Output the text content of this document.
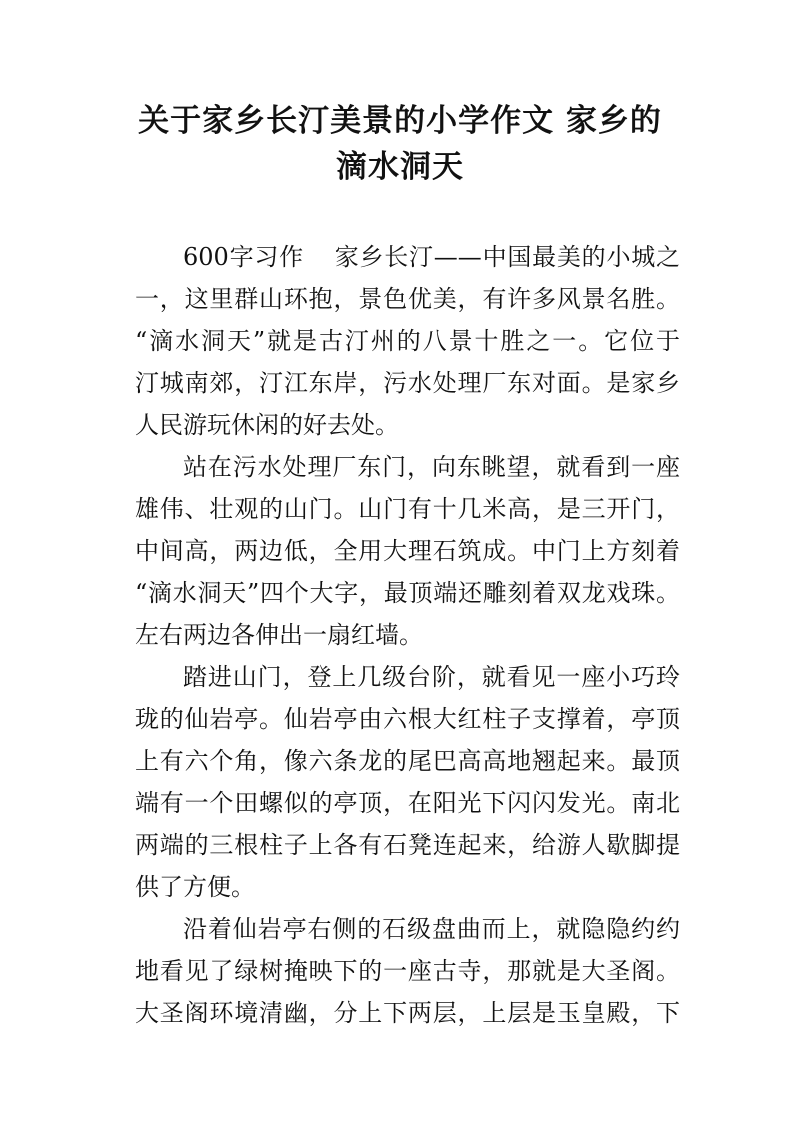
关于家乡长汀美景的小学作文 家乡的
滴水洞天
600字习作 家乡长汀——中国最美的小城之
一，这里群山环抱，景色优美，有许多风景名胜。
“滴水洞天”就是古汀州的八景十胜之一。它位于
汀城南郊，汀江东岸，污水处理厂东对面。是家乡
人民游玩休闲的好去处。
站在污水处理厂东门，向东眺望，就看到一座
雄伟、壮观的山门。山门有十几米高，是三开门，
中间高，两边低，全用大理石筑成。中门上方刻着
“滴水洞天”四个大字，最顶端还雕刻着双龙戏珠。
左右两边各伸出一扇红墙。
踏进山门，登上几级台阶，就看见一座小巧玲
珑的仙岩亭。仙岩亭由六根大红柱子支撑着，亭顶
上有六个角，像六条龙的尾巴高高地翘起来。最顶
端有一个田螺似的亭顶，在阳光下闪闪发光。南北
两端的三根柱子上各有石凳连起来，给游人歇脚提
供了方便。
沿着仙岩亭右侧的石级盘曲而上，就隐隐约约
地看见了绿树掩映下的一座古寺，那就是大圣阁。
大圣阁环境清幽，分上下两层，上层是玉皇殿，下
